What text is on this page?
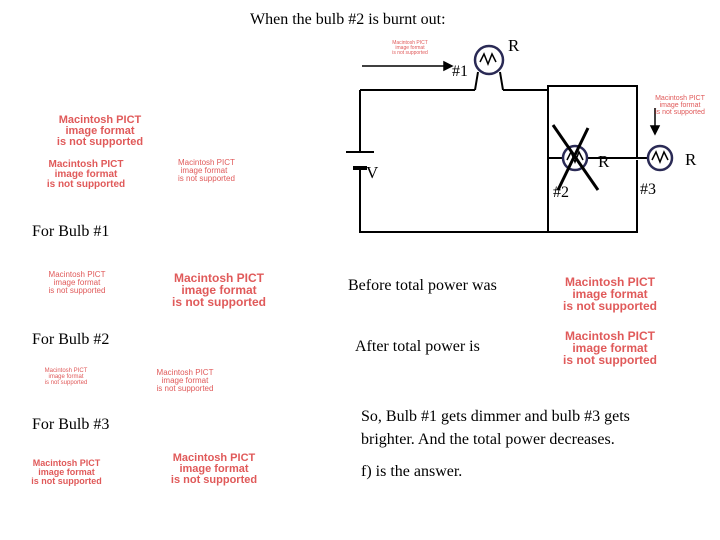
When the bulb #2 is burnt out:
V
#1
R
#2
R
#3
R
Macintosh PICT
image format
is not supported
Macintosh PICT
image format
is not supported
Macintosh PICT
image format
is not supported
Macintosh PICT
image format
is not supported
Macintosh PICT
image format
is not supported
Macintosh PICT
image format
is not supported
Macintosh PICT
image format
is not supported
Macintosh PICT
image format
is not supported
Macintosh PICT
image format
is not supported
Macintosh PICT
image format
is not supported
Macintosh PICT
image format
is not supported
Macintosh PICT
image format
is not supported
Macintosh PICT
image format
is not supported
For Bulb #1
For Bulb #2
For Bulb #3
Before total power was
After total power is
So, Bulb #1 gets dimmer and bulb #3 gets
brighter. And the total power decreases.
f) is the answer.
